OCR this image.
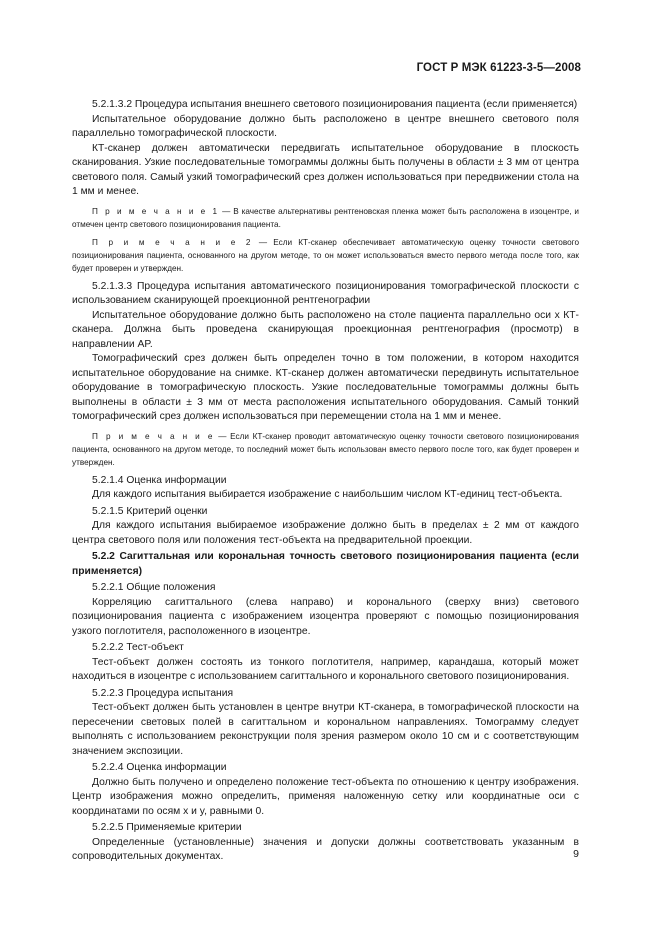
ГОСТ Р МЭК 61223-3-5—2008

5.2.1.3.2 Процедура испытания внешнего светового позиционирования пациента (если применяется)

Испытательное оборудование должно быть расположено в центре внешнего светового поля параллельно томографической плоскости.

КТ-сканер должен автоматически передвигать испытательное оборудование в плоскость сканирования. Узкие последовательные томограммы должны быть получены в области ± 3 мм от центра светового поля. Самый узкий томографический срез должен использоваться при передвижении стола на 1 мм и менее.

П р и м е ч а н и е 1 — В качестве альтернативы рентгеновская пленка может быть расположена в изоцентре, и отмечен центр светового позиционирования пациента.

П р и м е ч а н и е 2 — Если КТ-сканер обеспечивает автоматическую оценку точности светового позиционирования пациента, основанного на другом методе, то он может использоваться вместо первого метода после того, как будет проверен и утвержден.

5.2.1.3.3 Процедура испытания автоматического позиционирования томографической плоскости с использованием сканирующей проекционной рентгенографии

Испытательное оборудование должно быть расположено на столе пациента параллельно оси x КТ-сканера. Должна быть проведена сканирующая проекционная рентгенография (просмотр) в направлении AP.

Томографический срез должен быть определен точно в том положении, в котором находится испытательное оборудование на снимке. КТ-сканер должен автоматически передвинуть испытательное оборудование в томографическую плоскость. Узкие последовательные томограммы должны быть выполнены в области ± 3 мм от места расположения испытательного оборудования. Самый тонкий томографический срез должен использоваться при перемещении стола на 1 мм и менее.

П р и м е ч а н и е — Если КТ-сканер проводит автоматическую оценку точности светового позиционирования пациента, основанного на другом методе, то последний может быть использован вместо первого после того, как будет проверен и утвержден.

5.2.1.4 Оценка информации

Для каждого испытания выбирается изображение с наибольшим числом КТ-единиц тест-объекта.

5.2.1.5 Критерий оценки

Для каждого испытания выбираемое изображение должно быть в пределах ± 2 мм от каждого центра светового поля или положения тест-объекта на предварительной проекции.

5.2.2 Сагиттальная или корональная точность светового позиционирования пациента (если применяется)

5.2.2.1 Общие положения

Корреляцию сагиттального (слева направо) и коронального (сверху вниз) светового позиционирования пациента с изображением изоцентра проверяют с помощью позиционирования узкого поглотителя, расположенного в изоцентре.

5.2.2.2 Тест-объект

Тест-объект должен состоять из тонкого поглотителя, например, карандаша, который может находиться в изоцентре с использованием сагиттального и коронального светового позиционирования.

5.2.2.3 Процедура испытания

Тест-объект должен быть установлен в центре внутри КТ-сканера, в томографической плоскости на пересечении световых полей в сагиттальном и корональном направлениях. Томограмму следует выполнять с использованием реконструкции поля зрения размером около 10 см и с соответствующим значением экспозиции.

5.2.2.4 Оценка информации

Должно быть получено и определено положение тест-объекта по отношению к центру изображения. Центр изображения можно определить, применяя наложенную сетку или координатные оси с координатами по осям x и y, равными 0.

5.2.2.5 Применяемые критерии

Определенные (установленные) значения и допуски должны соответствовать указанным в сопроводительных документах.	9
